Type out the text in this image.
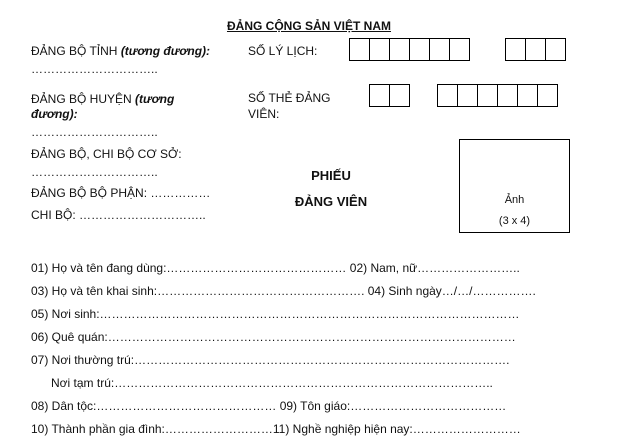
ĐẢNG CỘNG SẢN VIỆT NAM
ĐẢNG BỘ TỈNH (tương đương):
…………………………..
ĐẢNG BỘ HUYỆN (tương
đương):
…………………………..
ĐẢNG BỘ, CHI BỘ CƠ SỞ:
…………………………..
ĐẢNG BỘ BỘ PHẬN: ……………
CHI BỘ: …………………………..
SỐ LÝ LỊCH:
SỐ THẺ ĐẢNG
VIÊN:
PHIẾU
ĐẢNG VIÊN	Ảnh
(3 x 4)
01) Họ và tên đang dùng:……………………………………… 02) Nam, nữ……………………..
03) Họ và tên khai sinh:……………………………………………. 04) Sinh ngày…/…/…………….
05) Nơi sinh:……………………………………………………………………………………………
06) Quê quán:…………………………………………………………………………………………
07) Nơi thường trú:………………………………………………………………………………….
Nơi tạm trú:…………………………………………………………………………………..
08) Dân tộc:……………………………………… 09) Tôn giáo:…………………………………
10) Thành phần gia đình:………………………11) Nghề nghiệp hiện nay:………………………
